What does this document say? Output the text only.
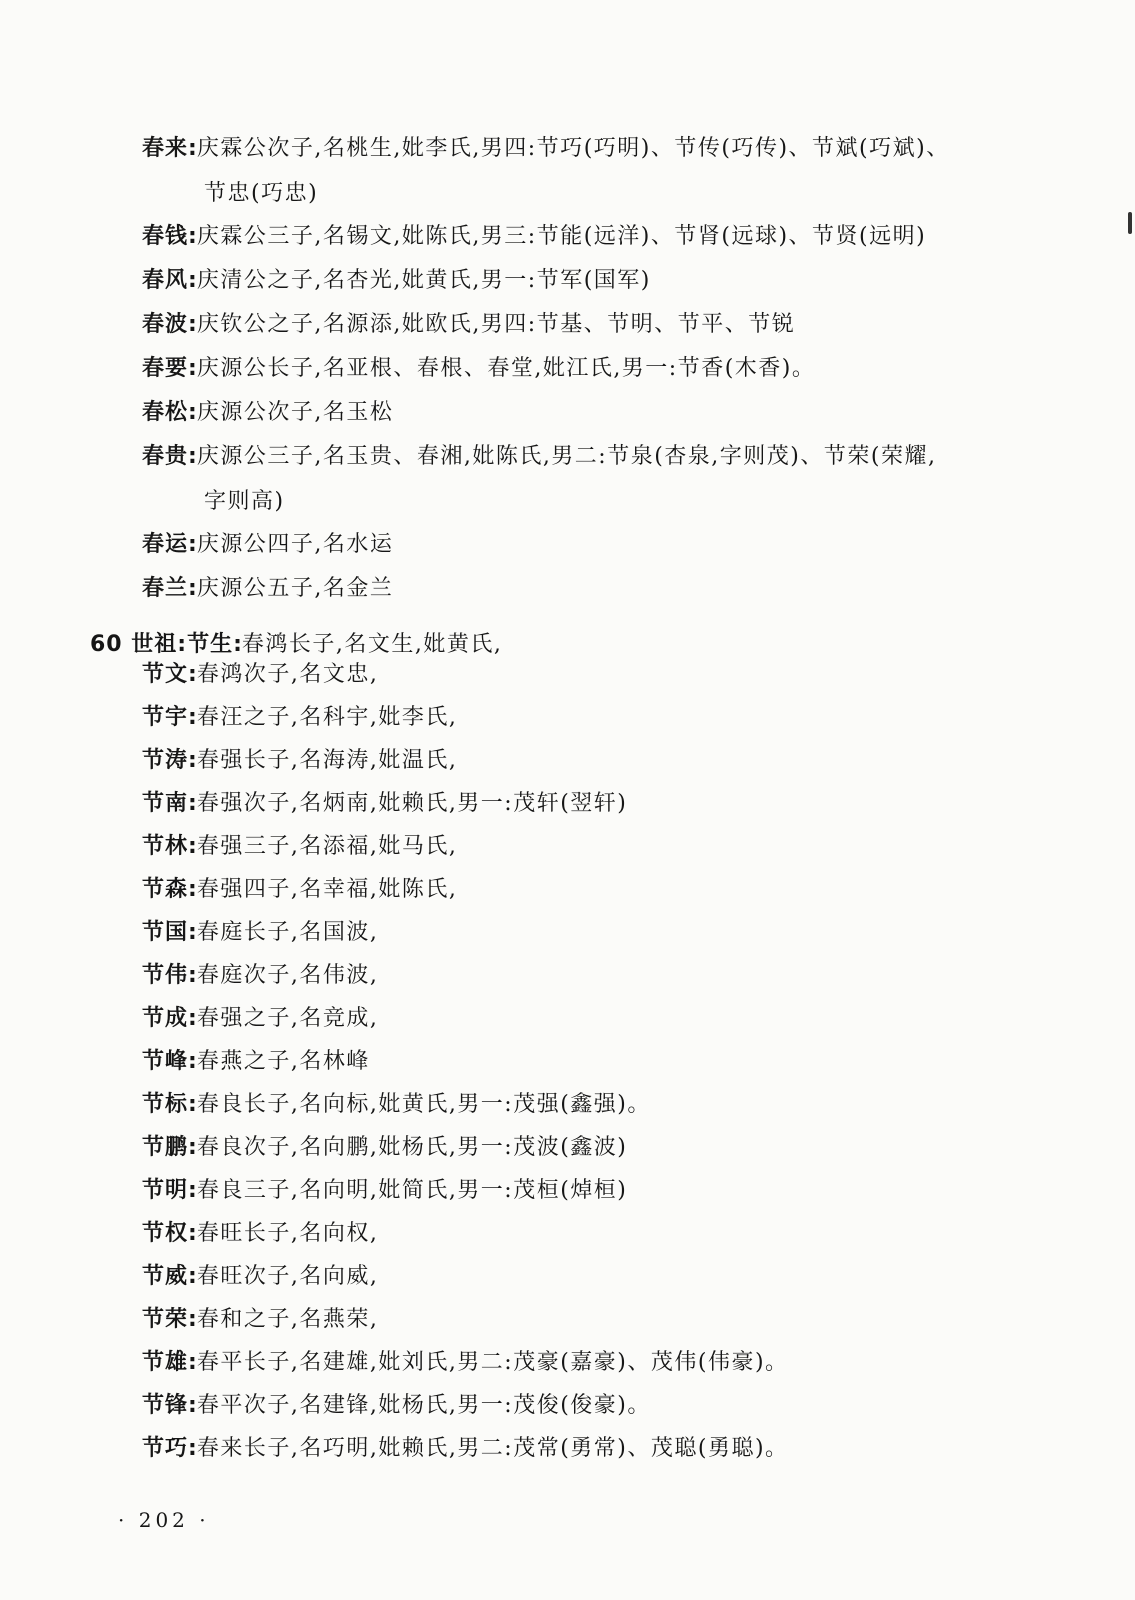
春来:庆霖公次子,名桃生,妣李氏,男四:节巧(巧明)、节传(巧传)、节斌(巧斌)、
节忠(巧忠)
春钱:庆霖公三子,名锡文,妣陈氏,男三:节能(远洋)、节肾(远球)、节贤(远明)
春风:庆清公之子,名杏光,妣黄氏,男一:节军(国军)
春波:庆钦公之子,名源添,妣欧氏,男四:节基、节明、节平、节锐
春要:庆源公长子,名亚根、春根、春堂,妣江氏,男一:节香(木香)。
春松:庆源公次子,名玉松
春贵:庆源公三子,名玉贵、春湘,妣陈氏,男二:节泉(杏泉,字则茂)、节荣(荣耀,
字则高)
春运:庆源公四子,名水运
春兰:庆源公五子,名金兰
60 世祖:节生:春鸿长子,名文生,妣黄氏,
节文:春鸿次子,名文忠,
节宇:春汪之子,名科宇,妣李氏,
节涛:春强长子,名海涛,妣温氏,
节南:春强次子,名炳南,妣赖氏,男一:茂轩(翌轩)
节林:春强三子,名添福,妣马氏,
节森:春强四子,名幸福,妣陈氏,
节国:春庭长子,名国波,
节伟:春庭次子,名伟波,
节成:春强之子,名竞成,
节峰:春燕之子,名林峰
节标:春良长子,名向标,妣黄氏,男一:茂强(鑫强)。
节鹏:春良次子,名向鹏,妣杨氏,男一:茂波(鑫波)
节明:春良三子,名向明,妣简氏,男一:茂桓(焯桓)
节权:春旺长子,名向权,
节威:春旺次子,名向威,
节荣:春和之子,名燕荣,
节雄:春平长子,名建雄,妣刘氏,男二:茂豪(嘉豪)、茂伟(伟豪)。
节锋:春平次子,名建锋,妣杨氏,男一:茂俊(俊豪)。
节巧:春来长子,名巧明,妣赖氏,男二:茂常(勇常)、茂聪(勇聪)。
· 202 ·
